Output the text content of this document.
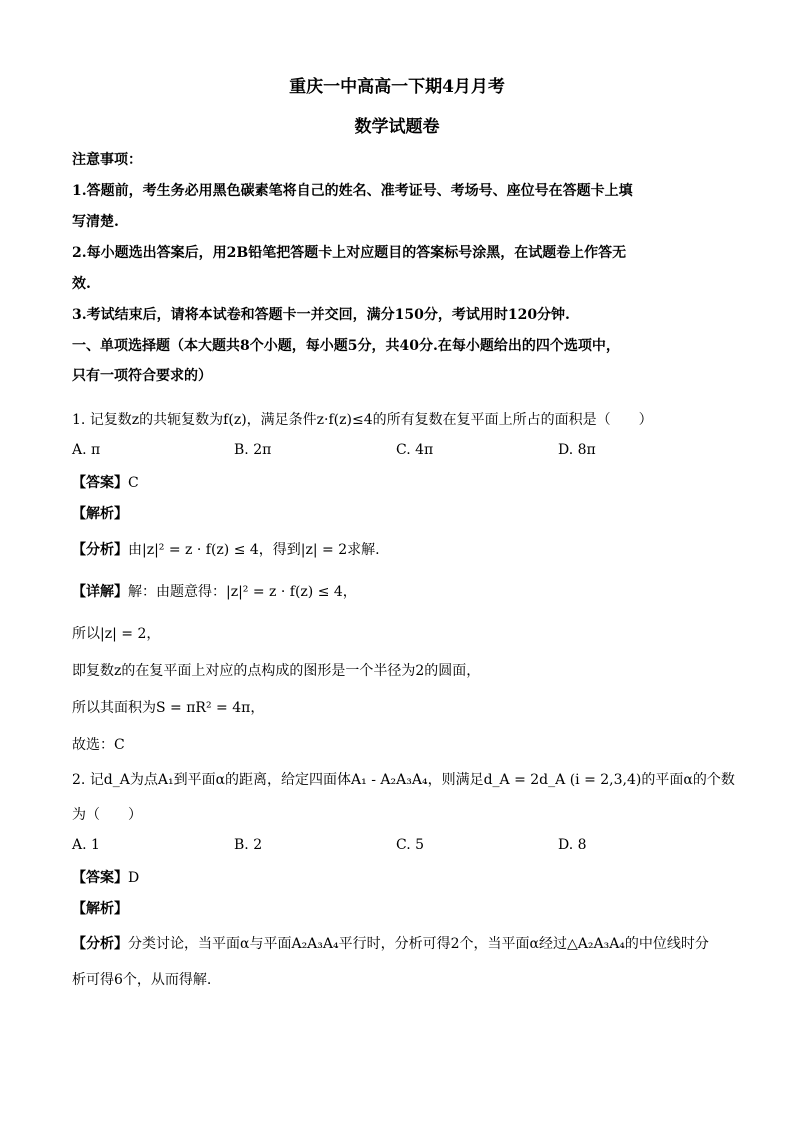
重庆一中高高一下期4月月考
数学试题卷
注意事项：
1.答题前，考生务必用黑色碳素笔将自己的姓名、准考证号、考场号、座位号在答题卡上填
写清楚.
2.每小题选出答案后，用2B铅笔把答题卡上对应题目的答案标号涂黑，在试题卷上作答无
效.
3.考试结束后，请将本试卷和答题卡一并交回，满分150分，考试用时120分钟.
一、单项选择题（本大题共8个小题，每小题5分，共40分.在每小题给出的四个选项中，
只有一项符合要求的）
1. 记复数z的共轭复数为f(z)，满足条件z·f(z)≤4的所有复数在复平面上所占的面积是（　　）
A. π	B. 2π	C. 4π	D. 8π
【答案】C
【解析】
【分析】由|z|² = z · f(z) ≤ 4，得到|z| = 2求解.
【详解】解：由题意得：|z|² = z · f(z) ≤ 4，
所以|z| = 2，
即复数z的在复平面上对应的点构成的图形是一个半径为2的圆面，
所以其面积为S = πR² = 4π，
故选：C
2. 记d_A为点A₁到平面α的距离，给定四面体A₁ - A₂A₃A₄，则满足d_A = 2d_A (i = 2,3,4)的平面α的个数
为（　　）
A. 1	B. 2	C. 5	D. 8
【答案】D
【解析】
【分析】分类讨论，当平面α与平面A₂A₃A₄平行时，分析可得2个，当平面α经过△A₂A₃A₄的中位线时分
析可得6个，从而得解.
